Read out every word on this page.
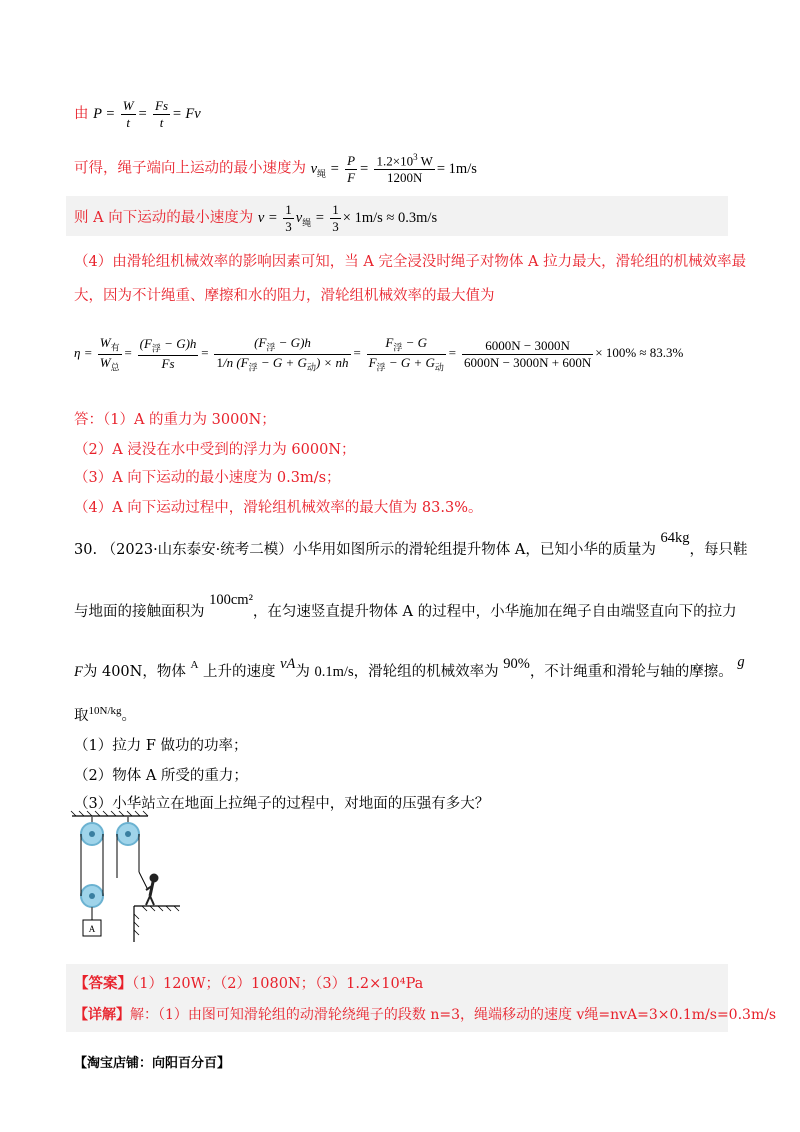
由 $P = \frac{W}{t} = \frac{Fs}{t} = Fv$
可得，绳子端向上运动的最小速度为 $v_绳 = \frac{P}{F} = \frac{1.2\times 10^3 W}{1200N} = 1m/s$
则 A 向下运动的最小速度为 $v = \frac{1}{3} v_绳 = \frac{1}{3} \times 1m/s \approx 0.3m/s$
（4）由滑轮组机械效率的影响因素可知，当 A 完全浸没时绳子对物体 A 拉力最大，滑轮组的机械效率最
大，因为不计绳重、摩擦和水的阻力，滑轮组机械效率的最大值为
$\eta = \frac{W_有}{W_总} = \frac{(F_浮 - G)h}{Fs} = \frac{(F_浮 - G)h}{1/n (F_浮 - G + G_动) \times nh} = \frac{F_浮 - G}{F_浮 - G + G_动} = \frac{6000N - 3000N}{6000N - 3000N + 600N} \times 100\% \approx 83.3\%$
答：（1）A 的重力为 3000N；
（2）A 浸没在水中受到的浮力为 6000N；
（3）A 向下运动的最小速度为 0.3m/s；
（4）A 向下运动过程中，滑轮组机械效率的最大值为 83.3%。
30. （2023·山东泰安·统考二模）小华用如图所示的滑轮组提升物体 A，已知小华的质量为 64kg，每只鞋
与地面的接触面积为 100cm²，在匀速竖直提升物体 A 的过程中，小华施加在绳子自由端竖直向下的拉力
F为 400N，物体 $^A$ 上升的速度 vA为 0.1m/s，滑轮组的机械效率为 90%，不计绳重和滑轮与轴的摩擦。 g
取$^{10N/kg}$。
（1）拉力 F 做功的功率；
（2）物体 A 所受的重力；
（3）小华站立在地面上拉绳子的过程中，对地面的压强有多大？
A
【答案】（1）120W；（2）1080N；（3）1.2×10⁴Pa
【详解】解：（1）由图可知滑轮组的动滑轮绕绳子的段数 n=3，绳端移动的速度 v绳=nvA=3×0.1m/s=0.3m/s
【淘宝店铺：向阳百分百】
